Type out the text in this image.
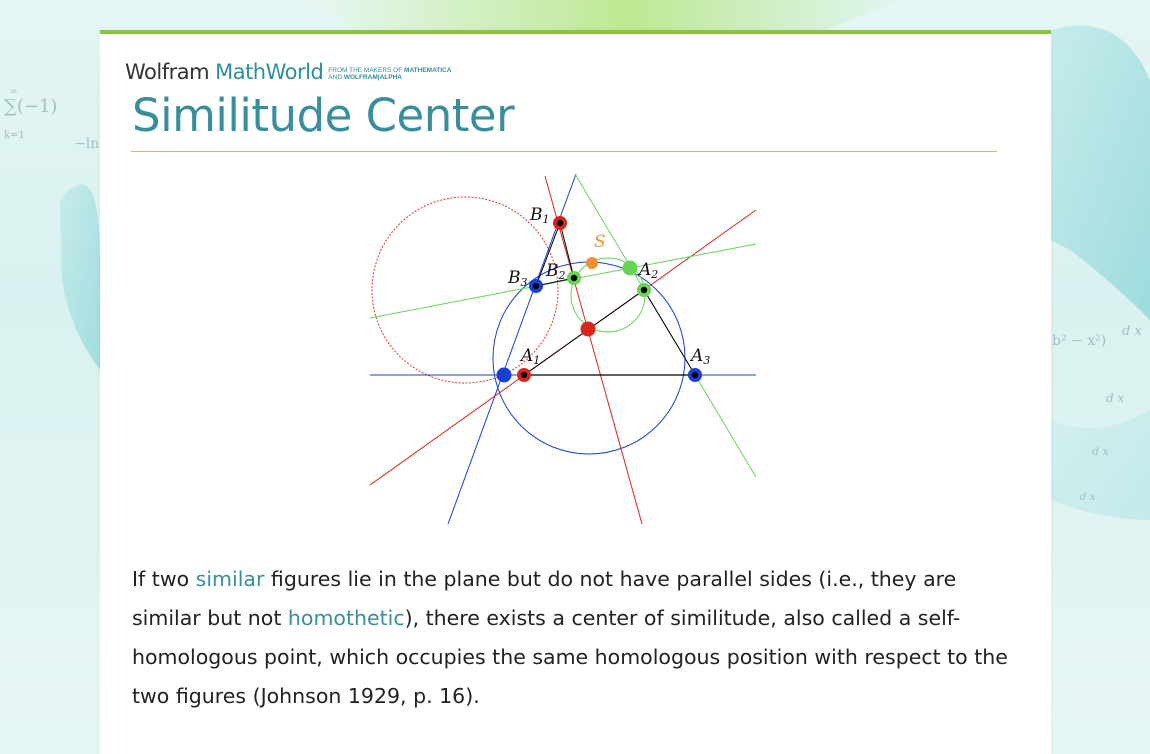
∑(−1)
∞
k=1
−ln
b² − x²)
d x
d x
d x
d x
Wolfram MathWorld FROM THE MAKERS OF MATHEMATICA
AND WOLFRAM|ALPHA
Similitude Center
B1
B2
B3
A1
A2
A3
S

If two similar figures lie in the plane but do not have parallel sides (i.e., they are similar but not homothetic), there exists a center of similitude, also called a self-homologous point, which occupies the same homologous position with respect to the two figures (Johnson 1929, p. 16).
